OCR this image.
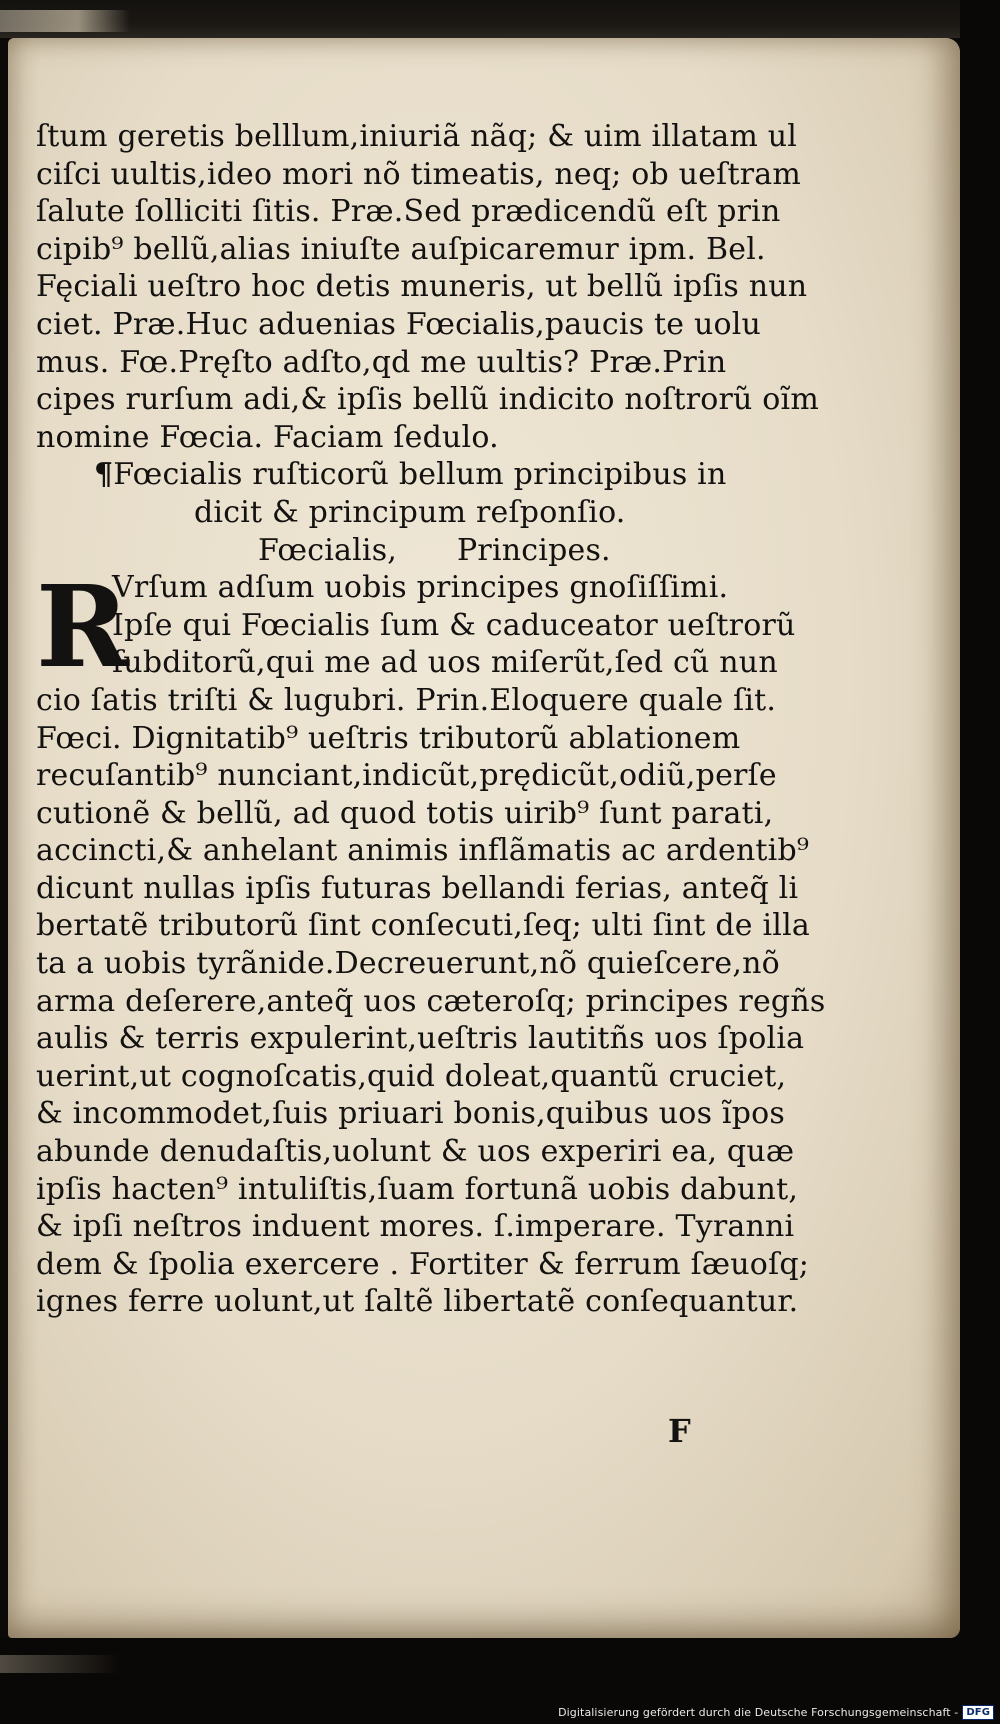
ſtum geretis belllum,iniuriã nãq; & uim illatam ul
ciſci uultis,ideo mori nõ timeatis, neq; ob ueſtram
ſalute ſolliciti ſitis. Præ.Sed prædicendũ eſt prin
cipib⁹ bellũ,alias iniuſte auſpicaremur ipm. Bel.
Fęciali ueſtro hoc detis muneris, ut bellũ ipſis nun
ciet. Præ.Huc aduenias Fœcialis,paucis te uolu
mus. Fœ.Pręſto adſto,qd me uultis? Præ.Prin
cipes rurſum adi,& ipſis bellũ indicito noſtrorũ oĩm
nomine Fœcia. Faciam ſedulo.
¶Fœcialis ruſticorũ bellum principibus in
dicit & principum reſponſio.
Fœcialis, Principes.
R
Vrſum adſum uobis principes gnoſiſſimi.
Ipſe qui Fœcialis ſum & caduceator ueſtrorũ
ſubditorũ,qui me ad uos miſerũt,ſed cũ nun
cio ſatis triſti & lugubri. Prin.Eloquere quale ſit.
Fœci. Dignitatib⁹ ueſtris tributorũ ablationem
recuſantib⁹ nunciant,indicũt,prędicũt,odiũ,perſe
cutionẽ & bellũ, ad quod totis uirib⁹ ſunt parati,
accincti,& anhelant animis inflãmatis ac ardentib⁹
dicunt nullas ipſis futuras bellandi ferias, anteq̃ li
bertatẽ tributorũ ſint conſecuti,ſeq; ulti ſint de illa
ta a uobis tyrãnide.Decreuerunt,nõ quieſcere,nõ
arma deſerere,anteq̃ uos cæteroſq; principes regñs
aulis & terris expulerint,ueſtris lautitñs uos ſpolia
uerint,ut cognoſcatis,quid doleat,quantũ cruciet,
& incommodet,ſuis priuari bonis,quibus uos ĩpos
abunde denudaſtis,uolunt & uos experiri ea, quæ
ipſis hacten⁹ intuliſtis,ſuam fortunã uobis dabunt,
& ipſi neſtros induent mores. ſ.imperare. Tyranni
dem & ſpolia exercere . Fortiter & ferrum ſæuoſq;
ignes ferre uolunt,ut ſaltẽ libertatẽ conſequantur.
F
Digitalisierung gefördert durch die Deutsche Forschungsgemeinschaft - DFG
